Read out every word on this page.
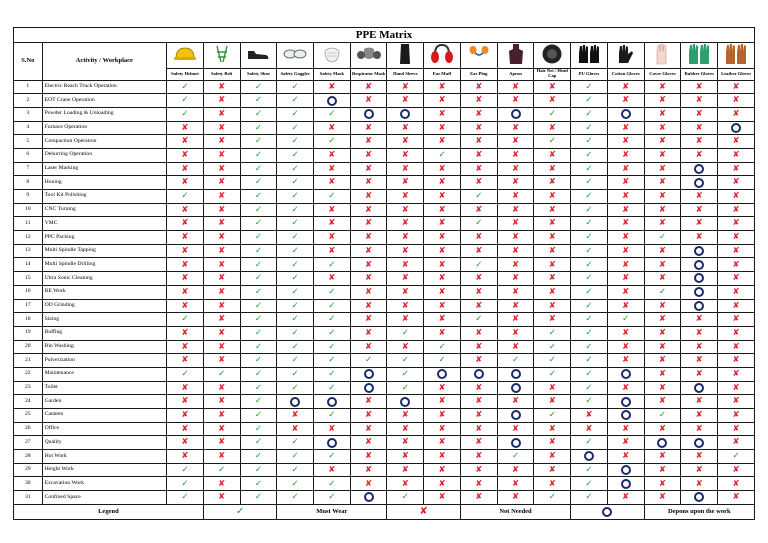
PPE Matrix																	
S.No	Activity / Workplace																
		Safety Helmet	Safety Belt	Safety Shoe	Safety Goggles	Safety Mask	Respirator Mask	Hand Sleeve	Ear Muff	Ear Plug	Apron	Hair Net / Head Cap	PU Gloves	Cotton Gloves	Cover Gloves	Rubber Gloves	Leather Gloves
1	Electric Reach Truck Operation	✓	✘	✓	✓	✘	✘	✘	✘	✘	✘	✘	✓	✘	✘	✘	✘
2	EOT Crane Operation	✓	✘	✓	✓		✘	✘	✘	✘	✘	✘	✓	✘	✘	✘	✘
3	Powder Loading & Unloading	✓	✘	✓	✓	✓			✘	✘		✓	✓		✘	✘	✘
4	Furnace Operation	✘	✘	✓	✓	✘	✘	✘	✘	✘	✘	✘	✓	✘	✘	✘	
5	Compaction Operation	✘	✘	✓	✓	✓	✘	✘	✘	✘	✘	✓	✓	✘	✘	✘	✘
6	Deburring Operation	✘	✘	✓	✓	✘	✘	✘	✓	✘	✘	✘	✓	✘	✘	✘	✘
7	Laser Marking	✘	✘	✓	✓	✘	✘	✘	✘	✘	✘	✘	✓	✘	✘		✘
8	Honing	✘	✘	✓	✓	✘	✘	✘	✘	✘	✘	✘	✓	✘	✘		✘
9	Tool Kit Polishing	✓	✘	✓	✓	✓	✘	✘	✘	✓	✘	✘	✓	✘	✘	✘	✘
10	CNC Turning	✘	✘	✓	✓	✘	✘	✘	✘	✘	✘	✘	✓	✘	✘	✘	✘
11	VMC	✘	✘	✓	✓	✘	✘	✘	✘	✓	✘	✘	✓	✘	✘	✘	✘
12	PPC Packing	✘	✘	✓	✓	✘	✘	✘	✘	✘	✘	✘	✓	✘	✓	✘	✘
13	Multi Spindle Tapping	✘	✘	✓	✓	✘	✘	✘	✘	✘	✘	✘	✓	✘	✘		✘
14	Multi Spindle Drilling	✘	✘	✓	✓	✓	✘	✘	✘	✓	✘	✘	✓	✘	✘		✘
15	Ultra Sonic Cleaning	✘	✘	✓	✓	✘	✘	✘	✘	✘	✘	✘	✓	✘	✘		✘
16	RE Work	✘	✘	✓	✓	✓	✘	✘	✘	✘	✘	✘	✓	✘	✓		✘
17	OD Grinding	✘	✘	✓	✓	✓	✘	✘	✘	✘	✘	✘	✓	✘	✘		✘
18	Sizing	✓	✘	✓	✓	✓	✘	✘	✘	✓	✘	✘	✓	✓	✘	✘	✘
19	Buffing	✘	✘	✓	✓	✓	✘	✓	✘	✘	✘	✓	✓	✘	✘	✘	✘
20	Bin Washing	✘	✘	✓	✓	✓	✘	✘	✓	✘	✘	✓	✓	✘	✘	✘	✘
21	Pulverization	✘	✘	✓	✓	✓	✓	✓	✓	✘	✓	✓	✓	✘	✘	✘	✘
22	Maintenance	✓	✓	✓	✓	✓		✓				✓	✓		✘	✘	✘
23	Toilet	✘	✘	✓	✓	✓		✓	✘	✘		✘	✓	✘	✘		✘
24	Garden	✘	✘	✓			✘		✘	✘	✘	✘	✓		✘	✘	✘
25	Canteen	✘	✘	✓	✘	✓	✘	✘	✘	✘		✓	✘		✓	✘	✘
26	Office	✘	✘	✓	✘	✘	✘	✘	✘	✘	✘	✘	✘	✘	✘	✘	✘
27	Quality	✘	✘	✓	✓		✘	✘	✘	✘		✘	✓	✘			✘
28	Hot Work	✘	✘	✓	✓	✓	✘	✘	✘	✘	✓	✘		✘	✘	✘	✓
29	Height Work	✓	✓	✓	✓	✘	✘	✘	✘	✘	✘	✘	✓		✘	✘	✘
30	Excavation Work	✓	✘	✓	✓	✓	✘	✘	✘	✘	✘	✘	✓		✘	✘	✘
31	Confined Space	✓	✘	✓	✓	✓		✓	✘	✘	✘	✓	✓	✘	✘		✘
Legend			✓		Must Wear			✘		Not Needed					Depons upon the work		
